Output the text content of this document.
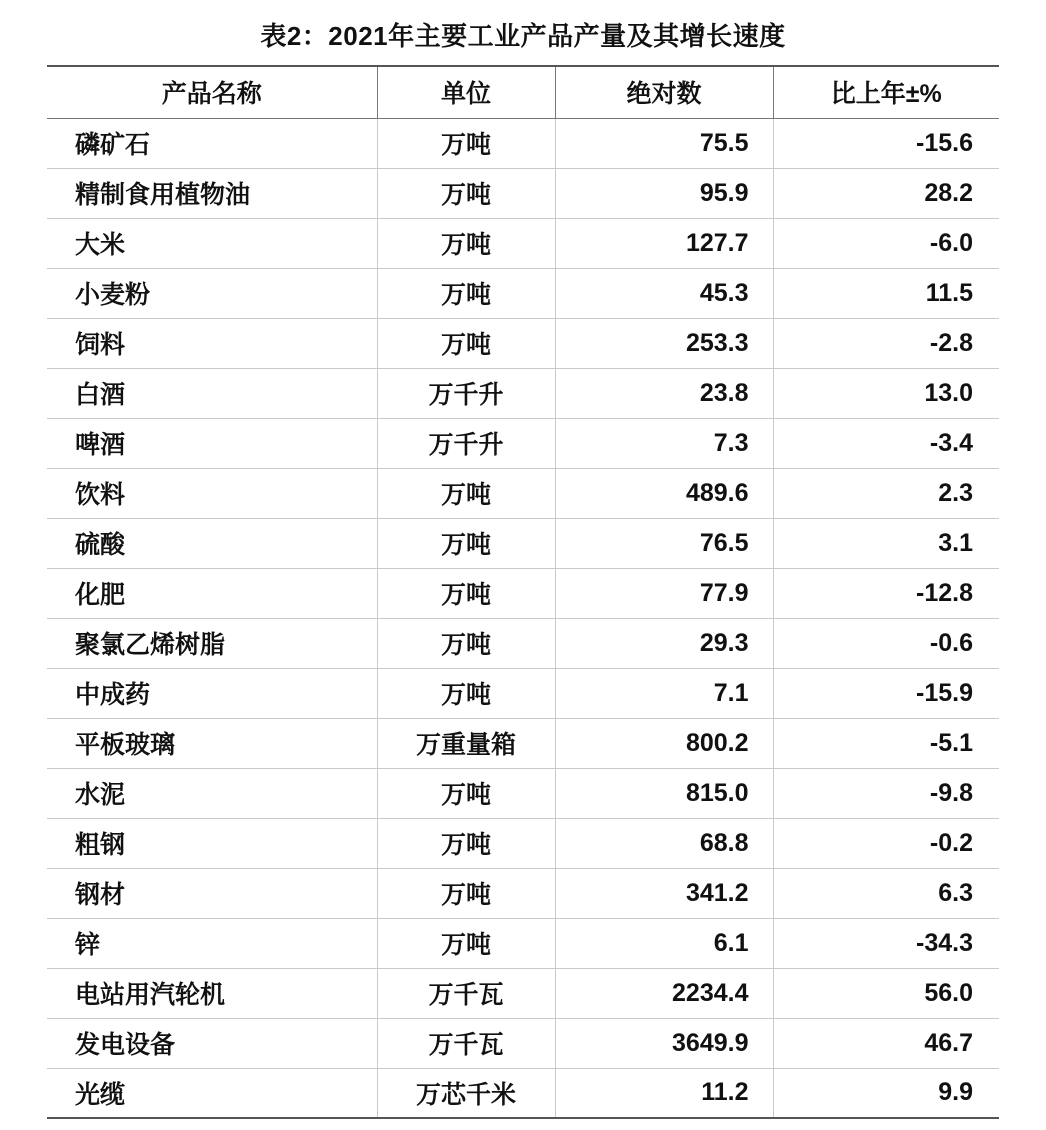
表2：2021年主要工业产品产量及其增长速度
产品名称	单位	绝对数	比上年±%
磷矿石	万吨	75.5	-15.6
精制食用植物油	万吨	95.9	28.2
大米	万吨	127.7	-6.0
小麦粉	万吨	45.3	11.5
饲料	万吨	253.3	-2.8
白酒	万千升	23.8	13.0
啤酒	万千升	7.3	-3.4
饮料	万吨	489.6	2.3
硫酸	万吨	76.5	3.1
化肥	万吨	77.9	-12.8
聚氯乙烯树脂	万吨	29.3	-0.6
中成药	万吨	7.1	-15.9
平板玻璃	万重量箱	800.2	-5.1
水泥	万吨	815.0	-9.8
粗钢	万吨	68.8	-0.2
钢材	万吨	341.2	6.3
锌	万吨	6.1	-34.3
电站用汽轮机	万千瓦	2234.4	56.0
发电设备	万千瓦	3649.9	46.7
光缆	万芯千米	11.2	9.9
